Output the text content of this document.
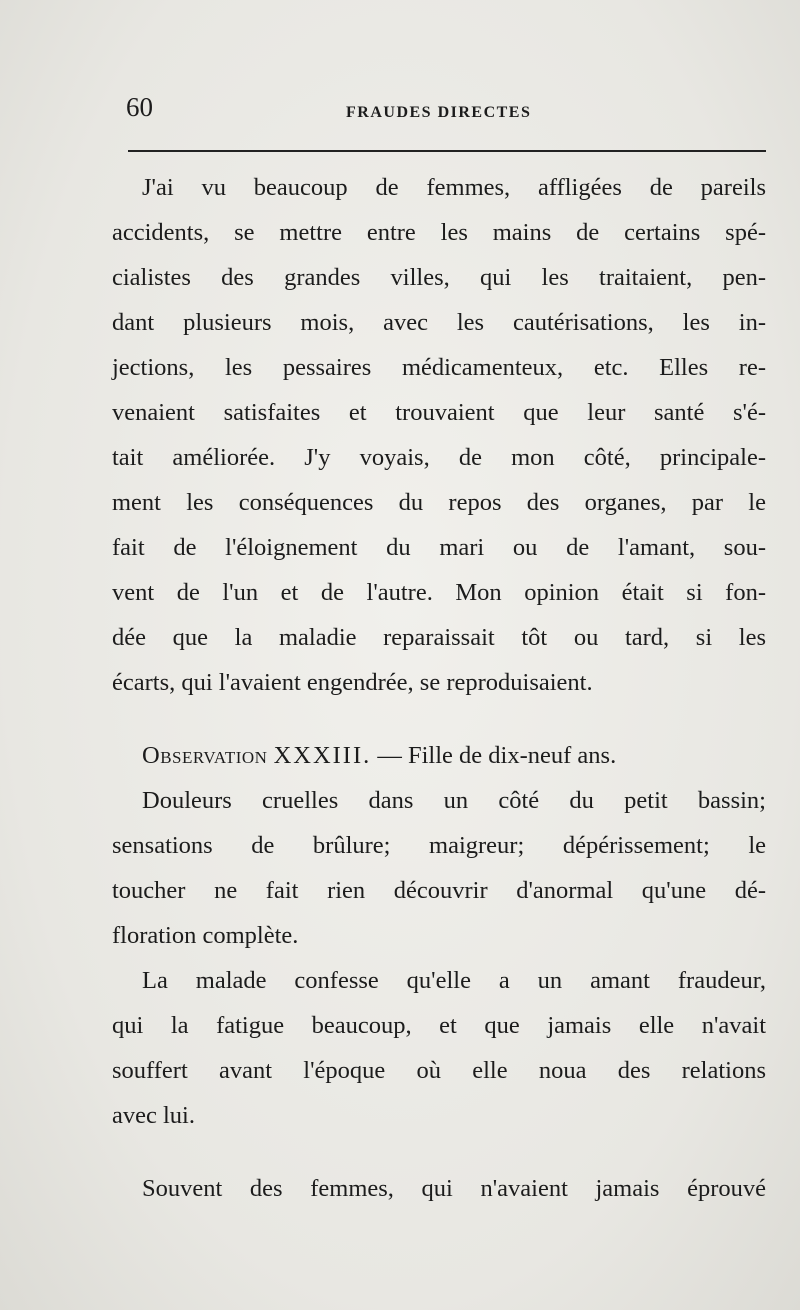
60	FRAUDES DIRECTES
J'ai vu beaucoup de femmes, affligées de pareils
accidents, se mettre entre les mains de certains spé-
cialistes des grandes villes, qui les traitaient, pen-
dant plusieurs mois, avec les cautérisations, les in-
jections, les pessaires médicamenteux, etc. Elles re-
venaient satisfaites et trouvaient que leur santé s'é-
tait améliorée. J'y voyais, de mon côté, principale-
ment les conséquences du repos des organes, par le
fait de l'éloignement du mari ou de l'amant, sou-
vent de l'un et de l'autre. Mon opinion était si fon-
dée que la maladie reparaissait tôt ou tard, si les
écarts, qui l'avaient engendrée, se reproduisaient.
Observation XXXIII. — Fille de dix-neuf ans.
Douleurs cruelles dans un côté du petit bassin;
sensations de brûlure; maigreur; dépérissement; le
toucher ne fait rien découvrir d'anormal qu'une dé-
floration complète.
La malade confesse qu'elle a un amant fraudeur,
qui la fatigue beaucoup, et que jamais elle n'avait
souffert avant l'époque où elle noua des relations
avec lui.
Souvent des femmes, qui n'avaient jamais éprouvé
